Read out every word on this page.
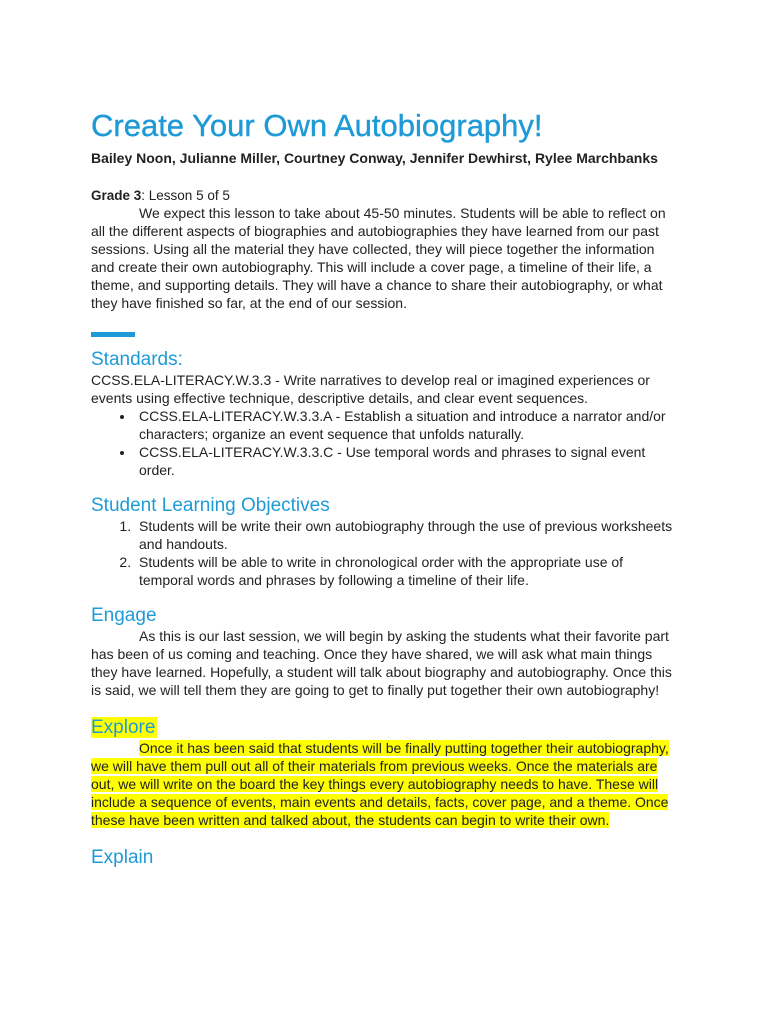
Create Your Own Autobiography!
Bailey Noon, Julianne Miller, Courtney Conway, Jennifer Dewhirst, Rylee Marchbanks
Grade 3: Lesson 5 of 5

We expect this lesson to take about 45-50 minutes. Students will be able to reflect on all the different aspects of biographies and autobiographies they have learned from our past sessions. Using all the material they have collected, they will piece together the information and create their own autobiography. This will include a cover page, a timeline of their life, a theme, and supporting details. They will have a chance to share their autobiography, or what they have finished so far, at the end of our session.

Standards:

CCSS.ELA-LITERACY.W.3.3 - Write narratives to develop real or imagined experiences or events using effective technique, descriptive details, and clear event sequences.

• CCSS.ELA-LITERACY.W.3.3.A - Establish a situation and introduce a narrator and/or characters; organize an event sequence that unfolds naturally.
• CCSS.ELA-LITERACY.W.3.3.C - Use temporal words and phrases to signal event order.
Student Learning Objectives
1. Students will be write their own autobiography through the use of previous worksheets and handouts.
2. Students will be able to write in chronological order with the appropriate use of temporal words and phrases by following a timeline of their life.
Engage

As this is our last session, we will begin by asking the students what their favorite part has been of us coming and teaching. Once they have shared, we will ask what main things they have learned. Hopefully, a student will talk about biography and autobiography. Once this is said, we will tell them they are going to get to finally put together their own autobiography!

Explore

Once it has been said that students will be finally putting together their autobiography, we will have them pull out all of their materials from previous weeks. Once the materials are out, we will write on the board the key things every autobiography needs to have. These will include a sequence of events, main events and details, facts, cover page, and a theme. Once these have been written and talked about, the students can begin to write their own.

Explain
